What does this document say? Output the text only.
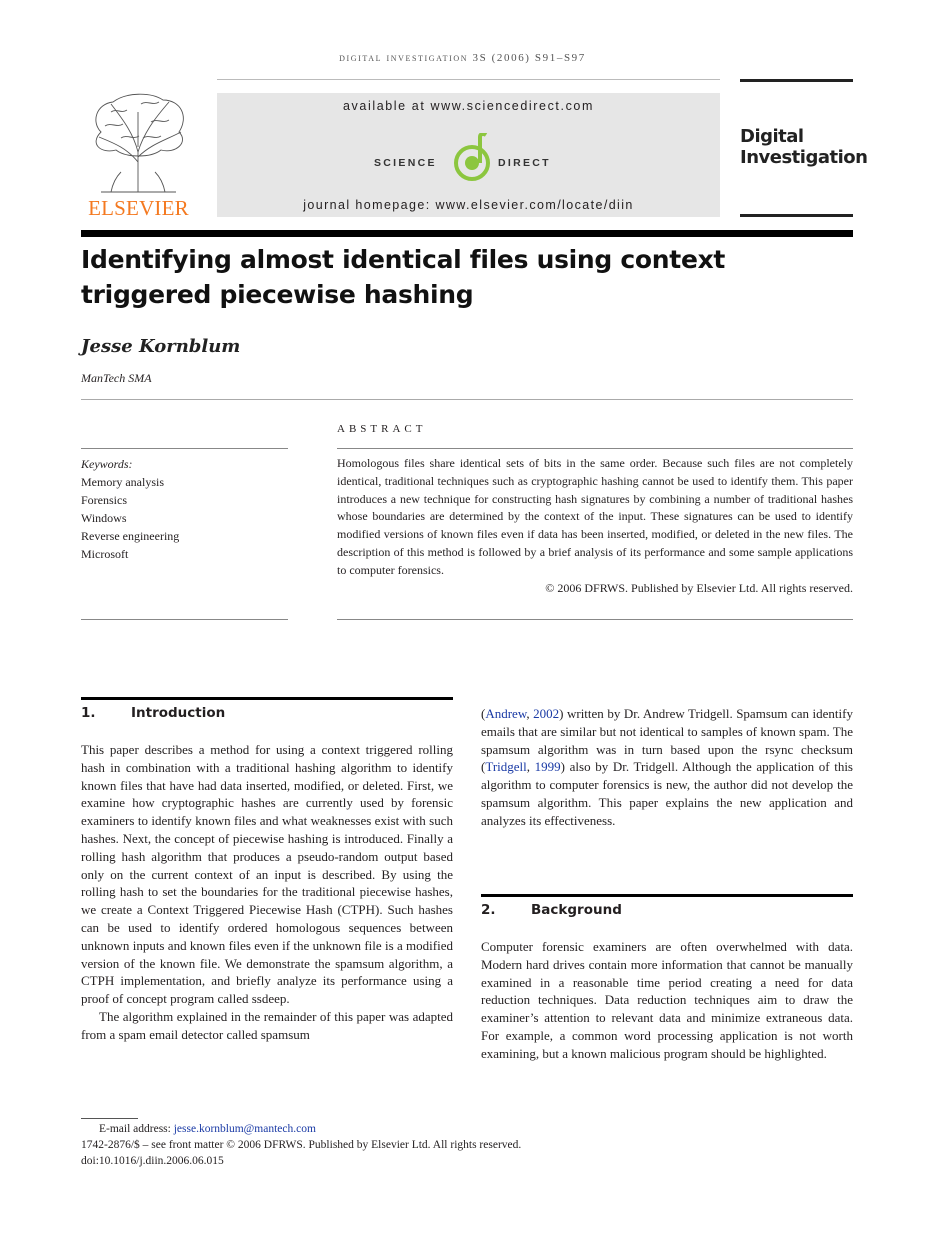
digital investigation 3S (2006) S91–S97
ELSEVIER
available at www.sciencedirect.com
SCIENCE	DIRECT
journal homepage: www.elsevier.com/locate/diin
Digital
Investigation
Identifying almost identical files using context triggered piecewise hashing
Jesse Kornblum
ManTech SMA
ABSTRACT
Keywords:
Memory analysis
Forensics
Windows
Reverse engineering
Microsoft
Homologous files share identical sets of bits in the same order. Because such files are not completely identical, traditional techniques such as cryptographic hashing cannot be used to identify them. This paper introduces a new technique for constructing hash signatures by combining a number of traditional hashes whose boundaries are determined by the context of the input. These signatures can be used to identify modified versions of known files even if data has been inserted, modified, or deleted in the new files. The description of this method is followed by a brief analysis of its performance and some sample applications to computer forensics.
© 2006 DFRWS. Published by Elsevier Ltd. All rights reserved.
1.	Introduction

This paper describes a method for using a context triggered rolling hash in combination with a traditional hashing algorithm to identify known files that have had data inserted, modified, or deleted. First, we examine how cryptographic hashes are currently used by forensic examiners to identify known files and what weaknesses exist with such hashes. Next, the concept of piecewise hashing is introduced. Finally a rolling hash algorithm that produces a pseudo-random output based only on the current context of an input is described. By using the rolling hash to set the boundaries for the traditional piecewise hashes, we create a Context Triggered Piecewise Hash (CTPH). Such hashes can be used to identify ordered homologous sequences between unknown inputs and known files even if the unknown file is a modified version of the known file. We demonstrate the spamsum algorithm, a CTPH implementation, and briefly analyze its performance using a proof of concept program called ssdeep.

The algorithm explained in the remainder of this paper was adapted from a spam email detector called spamsum

(Andrew, 2002) written by Dr. Andrew Tridgell. Spamsum can identify emails that are similar but not identical to samples of known spam. The spamsum algorithm was in turn based upon the rsync checksum (Tridgell, 1999) also by Dr. Tridgell. Although the application of this algorithm to computer forensics is new, the author did not develop the spamsum algorithm. This paper explains the new application and analyzes its effectiveness.

2.	Background

Computer forensic examiners are often overwhelmed with data. Modern hard drives contain more information that cannot be manually examined in a reasonable time period creating a need for data reduction techniques. Data reduction techniques aim to draw the examiner’s attention to relevant data and minimize extraneous data. For example, a common word processing application is not worth examining, but a known malicious program should be highlighted.

E-mail address: jesse.kornblum@mantech.com
1742-2876/$ – see front matter © 2006 DFRWS. Published by Elsevier Ltd. All rights reserved.
doi:10.1016/j.diin.2006.06.015
